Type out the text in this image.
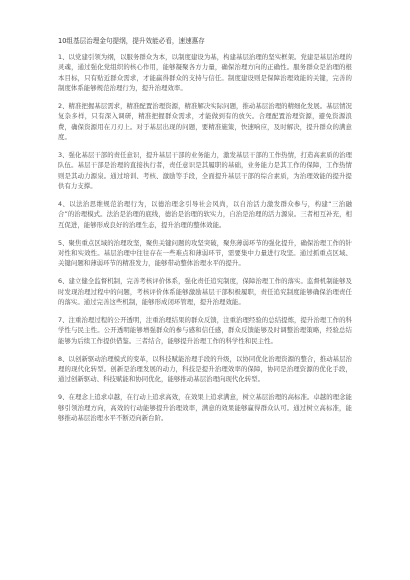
10组基层治理金句提纲，提升效能必看，速速惠存

1、以党建引领为纲，以服务群众为本，以制度建设为基，构建基层治理的坚实框架。党建是基层治理的灵魂，通过强化党组织的核心作用，能够凝聚各方力量，确保治理方向的正确性。服务群众是治理的根本目标，只有贴近群众需求，才能赢得群众的支持与信任。制度建设则是保障治理效能的关键，完善的制度体系能够规范治理行为，提升治理效率。

2、精准把握基层需求，精准配置治理资源，精准解决实际问题，推动基层治理的精细化发展。基层情况复杂多样，只有深入调研，精准把握群众需求，才能做到有的放矢。合理配置治理资源，避免资源浪费，确保资源用在刀刃上。对于基层出现的问题，要精准施策，快速响应，及时解决，提升群众的满意度。

3、强化基层干部的责任意识，提升基层干部的业务能力，激发基层干部的工作热情，打造高素质的治理队伍。基层干部是治理的直接执行者，责任意识是其履职的基础，业务能力是其工作的保障，工作热情则是其动力源泉。通过培训、考核、激励等手段，全面提升基层干部的综合素质，为治理效能的提升提供有力支撑。

4、以法治思维规范治理行为，以德治理念引导社会风尚，以自治活力激发群众参与，构建“三治融合”的治理模式。法治是治理的底线，德治是治理的软实力，自治是治理的活力源泉。三者相互补充，相互促进，能够形成良好的治理生态，提升治理的整体效能。

5、聚焦重点区域的治理攻坚，聚焦关键问题的攻坚突破，聚焦薄弱环节的强化提升，确保治理工作的针对性和实效性。基层治理中往往存在一些难点和薄弱环节，需要集中力量进行攻坚。通过抓重点区域、关键问题和薄弱环节的精准发力，能够带动整体治理水平的提升。

6、建立健全监督机制，完善考核评价体系，强化责任追究制度，保障治理工作的落实。监督机制能够及时发现治理过程中的问题，考核评价体系能够激励基层干部积极履职，责任追究制度能够确保治理责任的落实。通过完善这些机制，能够形成闭环管理，提升治理效能。

7、注重治理过程的公开透明，注重治理结果的群众反馈，注重治理经验的总结提炼，提升治理工作的科学性与民主性。公开透明能够增强群众的参与感和信任感，群众反馈能够及时调整治理策略，经验总结能够为后续工作提供借鉴。三者结合，能够提升治理工作的科学性和民主性。

8、以创新驱动治理模式的变革，以科技赋能治理手段的升级，以协同优化治理资源的整合，推动基层治理的现代化转型。创新是治理发展的动力，科技是提升治理效率的保障，协同是治理资源的优化手段，通过创新驱动、科技赋能和协同优化，能够推动基层治理向现代化转型。

9、在理念上追求卓越，在行动上追求高效，在效果上追求满意，树立基层治理的高标准。卓越的理念能够引领治理方向，高效的行动能够提升治理效率，满意的效果能够赢得群众认可。通过树立高标准，能够推动基层治理水平不断迈向新台阶。
